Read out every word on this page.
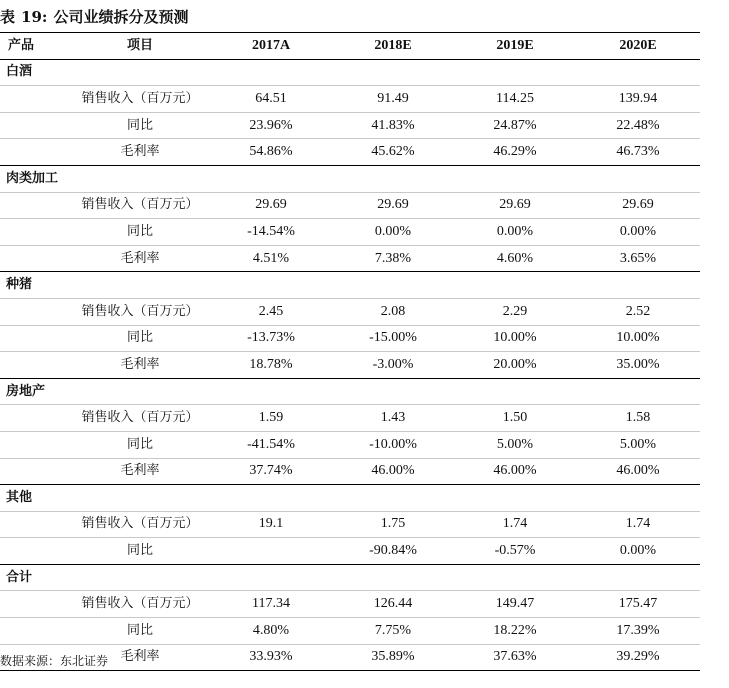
表 19: 公司业绩拆分及预测
产品	项目	2017A	2018E	2019E	2020E
白酒					
	销售收入（百万元）	64.51	91.49	114.25	139.94
	同比	23.96%	41.83%	24.87%	22.48%
	毛利率	54.86%	45.62%	46.29%	46.73%
肉类加工					
	销售收入（百万元）	29.69	29.69	29.69	29.69
	同比	-14.54%	0.00%	0.00%	0.00%
	毛利率	4.51%	7.38%	4.60%	3.65%
种猪					
	销售收入（百万元）	2.45	2.08	2.29	2.52
	同比	-13.73%	-15.00%	10.00%	10.00%
	毛利率	18.78%	-3.00%	20.00%	35.00%
房地产					
	销售收入（百万元）	1.59	1.43	1.50	1.58
	同比	-41.54%	-10.00%	5.00%	5.00%
	毛利率	37.74%	46.00%	46.00%	46.00%
其他					
	销售收入（百万元）	19.1	1.75	1.74	1.74
	同比		-90.84%	-0.57%	0.00%
合计					
	销售收入（百万元）	117.34	126.44	149.47	175.47
	同比	4.80%	7.75%	18.22%	17.39%
	毛利率	33.93%	35.89%	37.63%	39.29%
数据来源：东北证券
